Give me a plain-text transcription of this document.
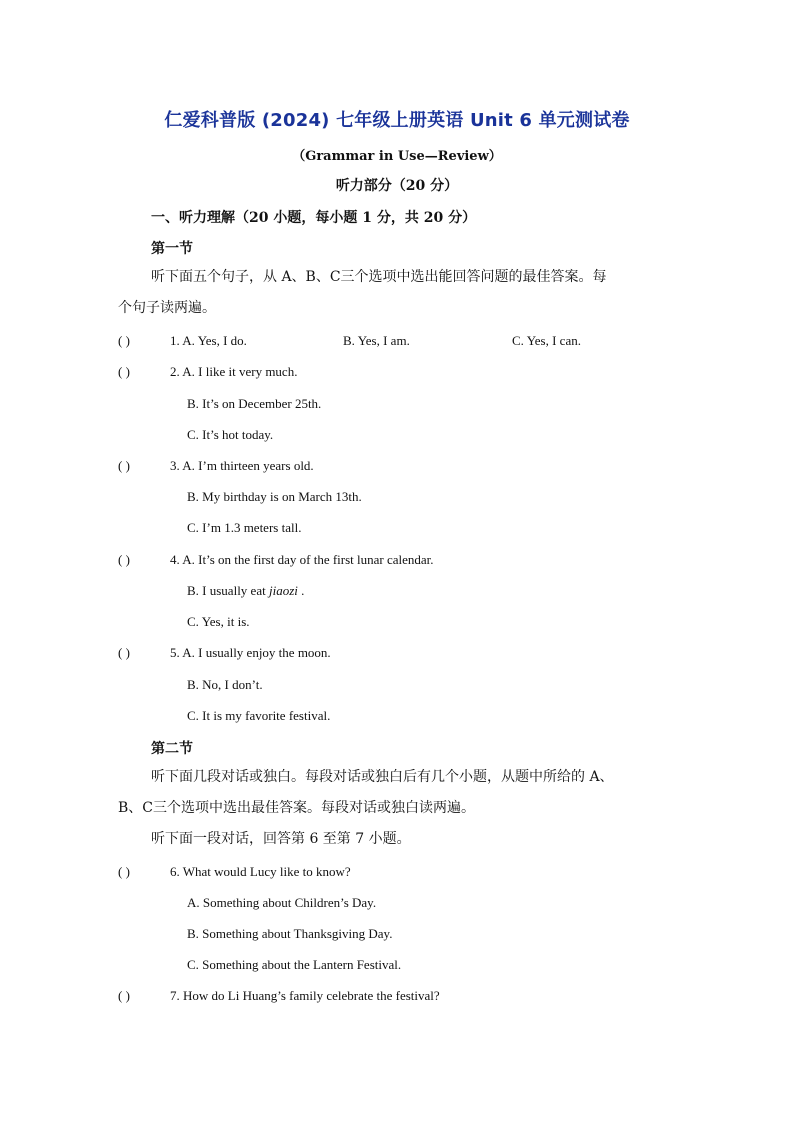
仁爱科普版 (2024) 七年级上册英语 Unit 6 单元测试卷
（Grammar in Use—Review）
听力部分（20 分）
一、听力理解（20 小题，每小题 1 分，共 20 分）
第一节
听下面五个句子，从 A、B、C三个选项中选出能回答问题的最佳答案。每
个句子读两遍。
( )	1. A. Yes, I do.	B. Yes, I am.	C. Yes, I can.
( )	2. A. I like it very much.
B. It’s on December 25th.
C. It’s hot today.
( )	3. A. I’m thirteen years old.
B. My birthday is on March 13th.
C. I’m 1.3 meters tall.
( )	4. A. It’s on the first day of the first lunar calendar.
B. I usually eat jiaozi .
C. Yes, it is.
( )	5. A. I usually enjoy the moon.
B. No, I don’t.
C. It is my favorite festival.
第二节
听下面几段对话或独白。每段对话或独白后有几个小题，从题中所给的 A、
B、C三个选项中选出最佳答案。每段对话或独白读两遍。
听下面一段对话，回答第 6 至第 7 小题。
( )	6. What would Lucy like to know?
A. Something about Children’s Day.
B. Something about Thanksgiving Day.
C. Something about the Lantern Festival.
( )	7. How do Li Huang’s family celebrate the festival?
